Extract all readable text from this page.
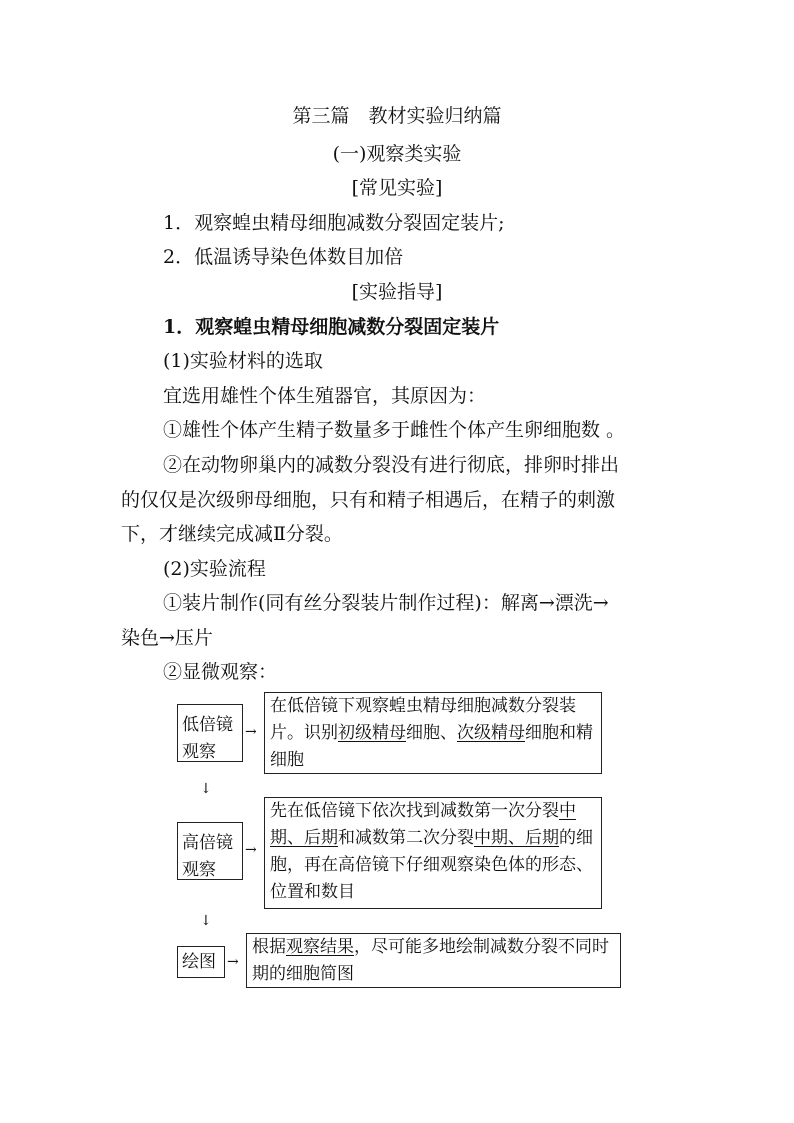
第三篇　教材实验归纳篇
(一)观察类实验
[常见实验]
1．观察蝗虫精母细胞减数分裂固定装片;
2．低温诱导染色体数目加倍
[实验指导]
1．观察蝗虫精母细胞减数分裂固定装片
(1)实验材料的选取
宜选用雄性个体生殖器官，其原因为：
①雄性个体产生精子数量多于雌性个体产生卵细胞数 。
②在动物卵巢内的减数分裂没有进行彻底，排卵时排出
的仅仅是次级卵母细胞，只有和精子相遇后，在精子的刺激
下，才继续完成减Ⅱ分裂。
(2)实验流程
①装片制作(同有丝分裂装片制作过程)：解离→漂洗→
染色→压片
②显微观察：
低倍镜
观察
→
在低倍镜下观察蝗虫精母细胞减数分裂装片。识别初级精母细胞、次级精母细胞和精细胞
↓
高倍镜
观察
→
先在低倍镜下依次找到减数第一次分裂中期、后期和减数第二次分裂中期、后期的细胞，再在高倍镜下仔细观察染色体的形态、位置和数目
↓
绘图 →
根据观察结果，尽可能多地绘制减数分裂不同时期的细胞简图
